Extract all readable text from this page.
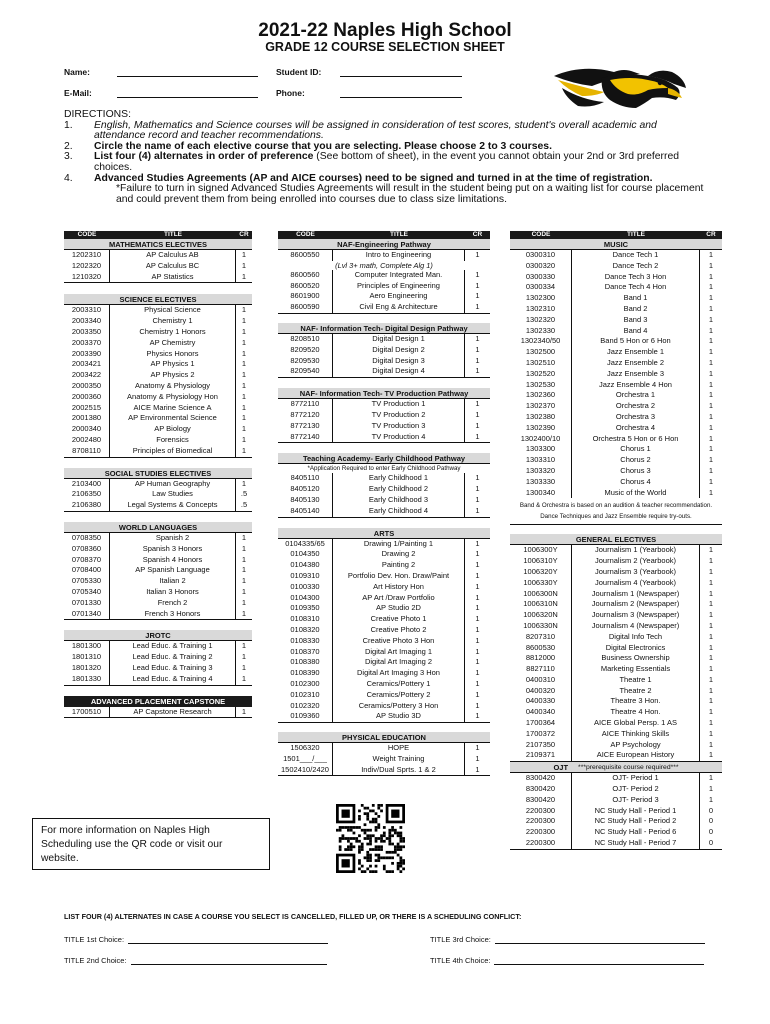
2021-22 Naples High School
GRADE 12 COURSE SELECTION SHEET
Name:	Student ID:
E-Mail:	Phone:
DIRECTIONS:
1.	English, Mathematics and Science courses will be assigned in consideration of test scores, student's overall academic and attendance record and teacher recommendations.
2.	Circle the name of each elective course that you are selecting. Please choose 2 to 3 courses.
3.	List four (4) alternates in order of preference (See bottom of sheet), in the event you cannot obtain your 2nd or 3rd preferred choices.
4.	Advanced Studies Agreements (AP and AICE courses) need to be signed and turned in at the time of registration.
*Failure to turn in signed Advanced Studies Agreements will result in the student being put on a waiting list for course placement and could prevent them from being enrolled into courses due to class size limitations.
CODE	TITLE	CR
MATHEMATICS ELECTIVES
1202310	AP Calculus AB	1
1202320	AP Calculus BC	1
1210320	AP Statistics	1
SCIENCE ELECTIVES
2003310	Physical Science	1
2003340	Chemistry 1	1
2003350	Chemistry 1 Honors	1
2003370	AP Chemistry	1
2003390	Physics Honors	1
2003421	AP Physics 1	1
2003422	AP Physics 2	1
2000350	Anatomy & Physiology	1
2000360	Anatomy & Physiology Hon	1
2002515	AICE Marine Science A	1
2001380	AP Environmental Science	1
2000340	AP Biology	1
2002480	Forensics	1
8708110	Principles of Biomedical	1
SOCIAL STUDIES ELECTIVES
2103400	AP Human Geography	1
2106350	Law Studies	.5
2106380	Legal Systems & Concepts	.5
WORLD LANGUAGES
0708350	Spanish 2	1
0708360	Spanish 3 Honors	1
0708370	Spanish 4 Honors	1
0708400	AP Spanish Language	1
0705330	Italian 2	1
0705340	Italian 3 Honors	1
0701330	French 2	1
0701340	French 3 Honors	1
JROTC
1801300	Lead Educ. & Training 1	1
1801310	Lead Educ. & Training 2	1
1801320	Lead Educ. & Training 3	1
1801330	Lead Educ. & Training 4	1
ADVANCED PLACEMENT CAPSTONE
1700510	AP Capstone Research	1
CODE	TITLE	CR
NAF-Engineering Pathway
8600550	Intro to Engineering	1
(Lvl 3+ math, Complete Alg 1)
8600560	Computer Integrated Man.	1
8600520	Principles of Engineering	1
8601900	Aero Engineering	1
8600590	Civil Eng & Architecture	1
NAF- Information Tech- Digital Design Pathway
8208510	Digital Design 1	1
8209520	Digital Design 2	1
8209530	Digital Design 3	1
8209540	Digital Design 4	1
NAF- Information Tech- TV Production Pathway
8772110	TV Production 1	1
8772120	TV Production 2	1
8772130	TV Production 3	1
8772140	TV Production 4	1
Teaching Academy- Early Childhood Pathway
*Application Required to enter Early Childhood Pathway
8405110	Early Childhood 1	1
8405120	Early Childhood 2	1
8405130	Early Childhood 3	1
8405140	Early Childhood 4	1
ARTS
0104335/65	Drawing 1/Painting 1	1
0104350	Drawing 2	1
0104380	Painting 2	1
0109310	Portfolio Dev. Hon. Draw/Paint	1
0100330	Art History Hon	1
0104300	AP Art /Draw Portfolio	1
0109350	AP Studio 2D	1
0108310	Creative Photo 1	1
0108320	Creative Photo 2	1
0108330	Creative Photo 3 Hon	1
0108370	Digital Art Imaging 1	1
0108380	Digital Art Imaging 2	1
0108390	Digital Art Imaging 3 Hon	1
0102300	Ceramics/Pottery 1	1
0102310	Ceramics/Pottery 2	1
0102320	Ceramics/Pottery 3 Hon	1
0109360	AP Studio 3D	1
PHYSICAL EDUCATION
1506320	HOPE	1
1501___/___	Weight Training	1
1502410/2420	Indiv/Dual Sprts. 1 & 2	1
CODE	TITLE	CR
MUSIC
0300310	Dance Tech 1	1
0300320	Dance Tech 2	1
0300330	Dance Tech 3 Hon	1
0300334	Dance Tech 4 Hon	1
1302300	Band 1	1
1302310	Band 2	1
1302320	Band 3	1
1302330	Band 4	1
1302340/50	Band 5 Hon or 6 Hon	1
1302500	Jazz Ensemble 1	1
1302510	Jazz Ensemble 2	1
1302520	Jazz Ensemble 3	1
1302530	Jazz Ensemble 4 Hon	1
1302360	Orchestra 1	1
1302370	Orchestra 2	1
1302380	Orchestra 3	1
1302390	Orchestra 4	1
1302400/10	Orchestra 5 Hon or 6 Hon	1
1303300	Chorus 1	1
1303310	Chorus 2	1
1303320	Chorus 3	1
1303330	Chorus 4	1
1300340	Music of the World	1
Band & Orchestra is based on an audition & teacher recommendation. Dance Techniques and Jazz Ensemble require try-outs.
GENERAL ELECTIVES
1006300Y	Journalism 1 (Yearbook)	1
1006310Y	Journalism 2 (Yearbook)	1
1006320Y	Journalism 3 (Yearbook)	1
1006330Y	Journalism 4 (Yearbook)	1
1006300N	Journalism 1 (Newspaper)	1
1006310N	Journalism 2 (Newspaper)	1
1006320N	Journalism 3 (Newspaper)	1
1006330N	Journalism 4 (Newspaper)	1
8207310	Digital Info Tech	1
8600530	Digital Electronics	1
8812000	Business Ownership	1
8827110	Marketing Essentials	1
0400310	Theatre 1	1
0400320	Theatre 2	1
0400330	Theatre 3 Hon.	1
0400340	Theatre 4 Hon.	1
1700364	AICE Global Persp. 1 AS	1
1700372	AICE Thinking Skills	1
2107350	AP Psychology	1
2109371	AICE European History	1
OJT ***prerequisite course required***
8300420	OJT- Period 1	1
8300420	OJT- Period 2	1
8300420	OJT- Period 3	1
2200300	NC Study Hall - Period 1	0
2200300	NC Study Hall - Period 2	0
2200300	NC Study Hall - Period 6	0
2200300	NC Study Hall - Period 7	0
For more information on Naples High Scheduling use the QR code or visit our website.
LIST FOUR (4) ALTERNATES IN CASE A COURSE YOU SELECT IS CANCELLED, FILLED UP, OR THERE IS A SCHEDULING CONFLICT:
TITLE 1st Choice:
TITLE 2nd Choice:
TITLE 3rd Choice:
TITLE 4th Choice:
